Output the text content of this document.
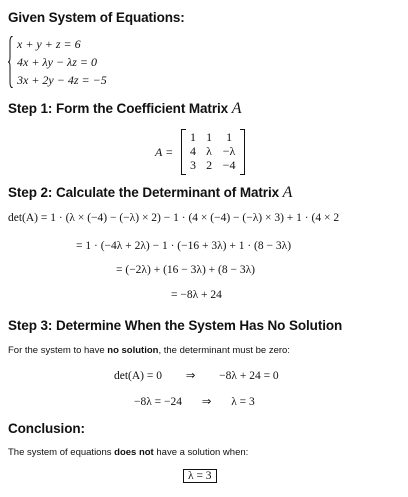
Given System of Equations:
x + y + z = 6
4x + λy − λz = 0
3x + 2y − 4z = −5
Step 1: Form the Coefficient Matrix A
A =
1	1	1
4	λ	−λ
3	2	−4
Step 2: Calculate the Determinant of Matrix A
det(A) = 1 · (λ × (−4) − (−λ) × 2) − 1 · (4 × (−4) − (−λ) × 3) + 1 · (4 × 2
= 1 · (−4λ + 2λ) − 1 · (−16 + 3λ) + 1 · (8 − 3λ)
= (−2λ) + (16 − 3λ) + (8 − 3λ)
= −8λ + 24
Step 3: Determine When the System Has No Solution
For the system to have no solution, the determinant must be zero:
det(A) = 0 ⇒ −8λ + 24 = 0
−8λ = −24 ⇒ λ = 3
Conclusion:
The system of equations does not have a solution when:
λ = 3
